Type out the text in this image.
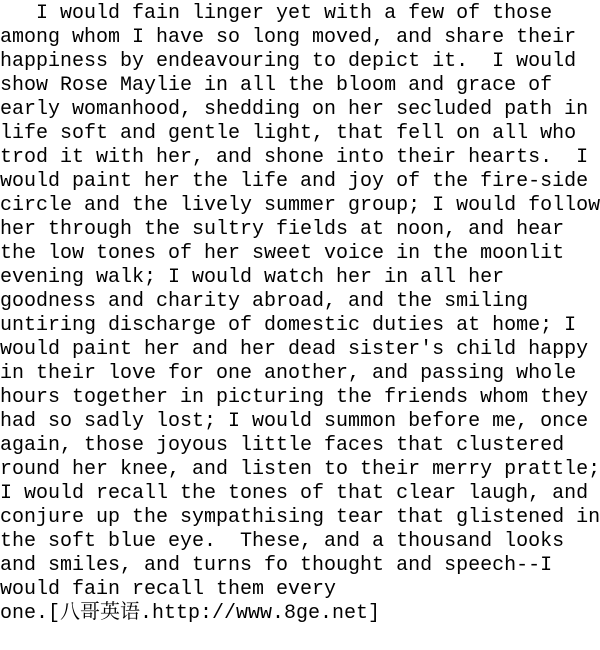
I would fain linger yet with a few of those
among whom I have so long moved, and share their
happiness by endeavouring to depict it.  I would
show Rose Maylie in all the bloom and grace of
early womanhood, shedding on her secluded path in
life soft and gentle light, that fell on all who
trod it with her, and shone into their hearts.  I
would paint her the life and joy of the fire-side
circle and the lively summer group; I would follow
her through the sultry fields at noon, and hear
the low tones of her sweet voice in the moonlit
evening walk; I would watch her in all her
goodness and charity abroad, and the smiling
untiring discharge of domestic duties at home; I
would paint her and her dead sister's child happy
in their love for one another, and passing whole
hours together in picturing the friends whom they
had so sadly lost; I would summon before me, once
again, those joyous little faces that clustered
round her knee, and listen to their merry prattle;
I would recall the tones of that clear laugh, and
conjure up the sympathising tear that glistened in
the soft blue eye.  These, and a thousand looks
and smiles, and turns fo thought and speech--I
would fain recall them every
one.[八哥英语.http://www.8ge.net]
